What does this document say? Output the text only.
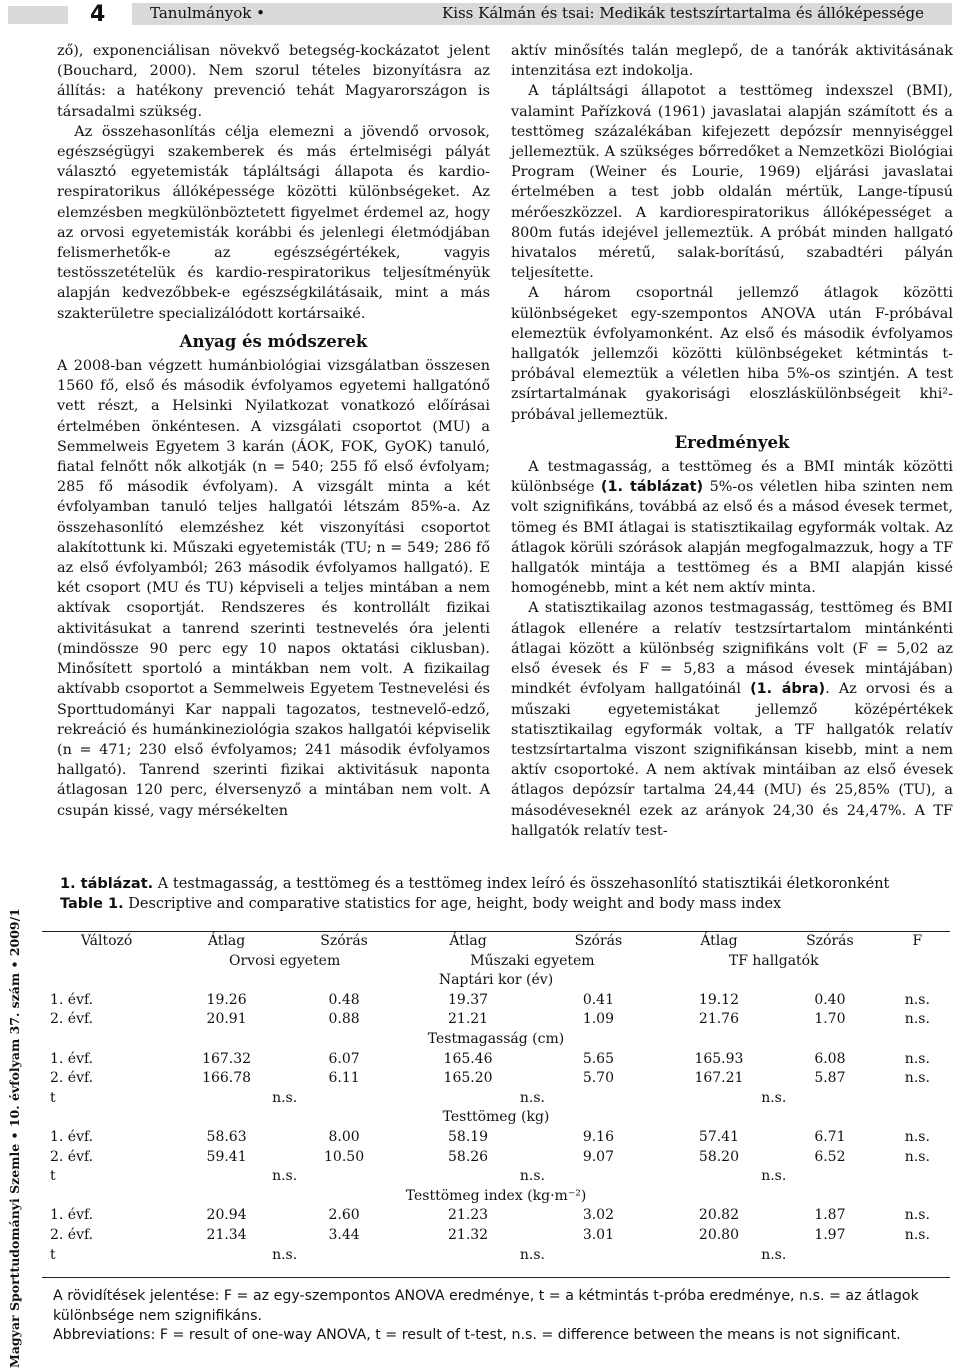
4	Tanulmányok •	Kiss Kálmán és tsai: Medikák testszírtartalma és állóképessége

ző), exponenciálisan növekvő betegség-kockázatot jelent (Bouchard, 2000). Nem szorul tételes bizonyításra az állítás: a hatékony prevenció tehát Magyarországon is társadalmi szükség.

Az összehasonlítás célja elemezni a jövendő orvosok, egészségügyi szakemberek és más értelmiségi pályát választó egyetemisták tápláltsági állapota és kardio-respiratorikus állóképessége közötti különbségeket. Az elemzésben megkülönböztetett figyelmet érdemel az, hogy az orvosi egyetemisták korábbi és jelenlegi életmódjában felismerhetők-e az egészségértékek, vagyis testösszetételük és kardio-respiratorikus teljesítményük alapján kedvezőbbek-e egészségkilátásaik, mint a más szakterületre specializálódott kortársaiké.

Anyag és módszerek

A 2008-ban végzett humánbiológiai vizsgálatban összesen 1560 fő, első és második évfolyamos egyetemi hallgatónő vett részt, a Helsinki Nyilatkozat vonatkozó előírásai értelmében önkéntesen. A vizsgálati csoportot (MU) a Semmelweis Egyetem 3 karán (ÁOK, FOK, GyOK) tanuló, fiatal felnőtt nők alkotják (n = 540; 255 fő első évfolyam; 285 fő második évfolyam). A vizsgált minta a két évfolyamban tanuló teljes hallgatói létszám 85%-a. Az összehasonlító elemzéshez két viszonyítási csoportot alakítottunk ki. Műszaki egyetemisták (TU; n = 549; 286 fő az első évfolyamból; 263 második évfolyamos hallgató). E két csoport (MU és TU) képviseli a teljes mintában a nem aktívak csoportját. Rendszeres és kontrollált fizikai aktivitásukat a tanrend szerinti testnevelés óra jelenti (mindössze 90 perc egy 10 napos oktatási ciklusban). Minősített sportoló a mintákban nem volt. A fizikailag aktívabb csoportot a Semmelweis Egyetem Testnevelési és Sporttudományi Kar nappali tagozatos, testnevelő-edző, rekreáció és humánkineziológia szakos hallgatói képviselik (n = 471; 230 első évfolyamos; 241 második évfolyamos hallgató). Tanrend szerinti fizikai aktivitásuk naponta átlagosan 120 perc, élversenyző a mintában nem volt. A csupán kissé, vagy mérsékelten

aktív minősítés talán meglepő, de a tanórák aktivitásának intenzitása ezt indokolja.

A tápláltsági állapotot a testtömeg indexszel (BMI), valamint Pařízková (1961) javaslatai alapján számított és a testtömeg százalékában kifejezett depózsír mennyiséggel jellemeztük. A szükséges bőrredőket a Nemzetközi Biológiai Program (Weiner és Lourie, 1969) eljárási javaslatai értelmében a test jobb oldalán mértük, Lange-típusú mérőeszközzel. A kardiorespiratorikus állóképességet a 800m futás idejével jellemeztük. A próbát minden hallgató hivatalos méretű, salak-borítású, szabadtéri pályán teljesítette.

A három csoportnál jellemző átlagok közötti különbségeket egy-szempontos ANOVA után F-próbával elemeztük évfolyamonként. Az első és második évfolyamos hallgatók jellemzői közötti különbségeket kétmintás t-próbával elemeztük a véletlen hiba 5%-os szintjén. A test zsírtartalmának gyakorisági eloszláskülönbségeit khi²-próbával jellemeztük.

Eredmények

A testmagasság, a testtömeg és a BMI minták közötti különbsége (1. táblázat) 5%-os véletlen hiba szinten nem volt szignifikáns, továbbá az első és a másod évesek termet, tömeg és BMI átlagai is statisztikailag egyformák voltak. Az átlagok körüli szórások alapján megfogalmazzuk, hogy a TF hallgatók mintája a testtömeg és a BMI alapján kissé homogénebb, mint a két nem aktív minta.

A statisztikailag azonos testmagasság, testtömeg és BMI átlagok ellenére a relatív testzsírtartalom mintánkénti átlagai között a különbség szignifikáns volt (F = 5,02 az első évesek és F = 5,83 a másod évesek mintájában) mindkét évfolyam hallgatóinál (1. ábra). Az orvosi és a műszaki egyetemistákat jellemző középértékek statisztikailag egyformák voltak, a TF hallgatók relatív testzsírtartalma viszont szignifikánsan kisebb, mint a nem aktív csoportoké. A nem aktívak mintáiban az első évesek átlagos depózsír tartalma 24,44 (MU) és 25,85% (TU), a másodéveseknél ezek az arányok 24,30 és 24,47%. A TF hallgatók relatív test-

1. táblázat. A testmagasság, a testtömeg és a testtömeg index leíró és összehasonlító statisztikái életkoronként
Table 1. Descriptive and comparative statistics for age, height, body weight and body mass index
Magyar Sporttudományi Szemle • 10. évfolyam 37. szám • 2009/1	Változó	Átlag	Szórás	Átlag	Szórás	Átlag	Szórás	F
	Orvosi egyetem		Műszaki egyetem		TF hallgatók		
Naptári kor (év)							
1. évf.	19.26	0.48	19.37	0.41	19.12	0.40	n.s.
2. évf.	20.91	0.88	21.21	1.09	21.76	1.70	n.s.
Testmagasság (cm)							
1. évf.	167.32	6.07	165.46	5.65	165.93	6.08	n.s.
2. évf.	166.78	6.11	165.20	5.70	167.21	5.87	n.s.
t	n.s.		n.s.		n.s.		
Testtömeg (kg)							
1. évf.	58.63	8.00	58.19	9.16	57.41	6.71	n.s.
2. évf.	59.41	10.50	58.26	9.07	58.20	6.52	n.s.
t	n.s.		n.s.		n.s.		
Testtömeg index (kg·m⁻²)							
1. évf.	20.94	2.60	21.23	3.02	20.82	1.87	n.s.
2. évf.	21.34	3.44	21.32	3.01	20.80	1.97	n.s.
t	n.s.		n.s.		n.s.		

A rövidítések jelentése: F = az egy-szempontos ANOVA eredménye, t = a kétmintás t-próba eredménye, n.s. = az átlagok különbsége nem szignifikáns.

Abbreviations: F = result of one-way ANOVA, t = result of t-test, n.s. = difference between the means is not significant.
